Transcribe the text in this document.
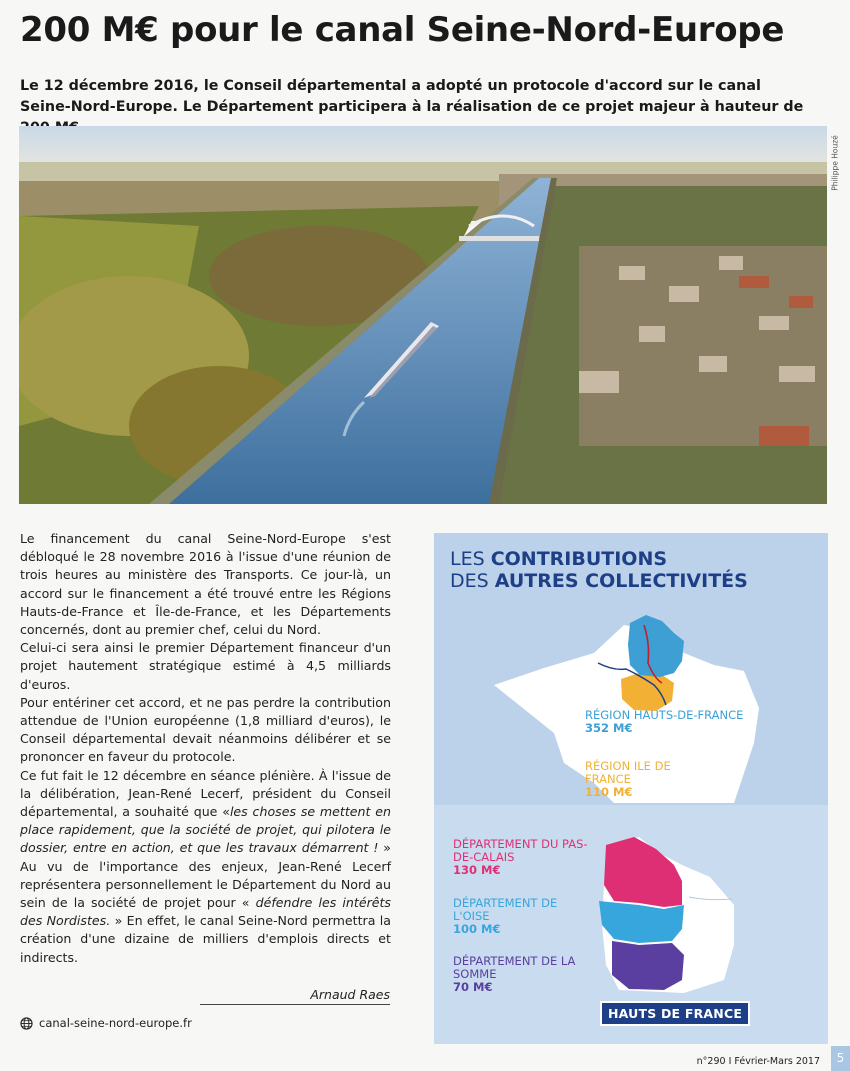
200 M€ pour le canal Seine-Nord-Europe

Le 12 décembre 2016, le Conseil départemental a adopté un protocole d'accord sur le canal Seine-Nord-Europe. Le Département participera à la réalisation de ce projet majeur à hauteur de

Philippe Houzé

Le financement du canal Seine-Nord-Europe s'est débloqué le 28 novembre 2016 à l'issue d'une réunion de trois heures au ministère des Transports. Ce jour-là, un accord sur le financement a été trouvé entre les Régions Hauts-de-France et Île-de-France, et les Départements concernés, dont au premier chef, celui du Nord.

Celui-ci sera ainsi le premier Département financeur d'un projet hautement stratégique estimé à 4,5 milliards d'euros.

Pour entériner cet accord, et ne pas perdre la contribution attendue de l'Union européenne (1,8 milliard d'euros), le Conseil départemental devait néanmoins délibérer et se prononcer en faveur du protocole.

Ce fut fait le 12 décembre en séance plénière. À l'issue de la délibération, Jean-René Lecerf, président du Conseil départemental, a souhaité que «les choses se mettent en place rapidement, que la société de projet, qui pilotera le dossier, entre en action, et que les travaux démarrent ! » Au vu de l'importance des enjeux, Jean-René Lecerf représentera personnellement le Département du Nord au sein de la société de projet pour « défendre les intérêts des Nordistes. » En effet, le canal Seine-Nord permettra la création d'une dizaine de milliers d'emplois directs et indirects.

Arnaud Raes
canal-seine-nord-europe.fr
LES CONTRIBUTIONS
DES AUTRES COLLECTIVITÉS
RÉGION HAUTS-DE-FRANCE
352 M€
RÉGION ILE DE FRANCE
110 M€
DÉPARTEMENT DU PAS-DE-CALAIS
130 M€
DÉPARTEMENT DE L'OISE
100 M€
DÉPARTEMENT DE LA SOMME
70 M€
HAUTS DE FRANCE
n°290 I Février-Mars 2017	5
